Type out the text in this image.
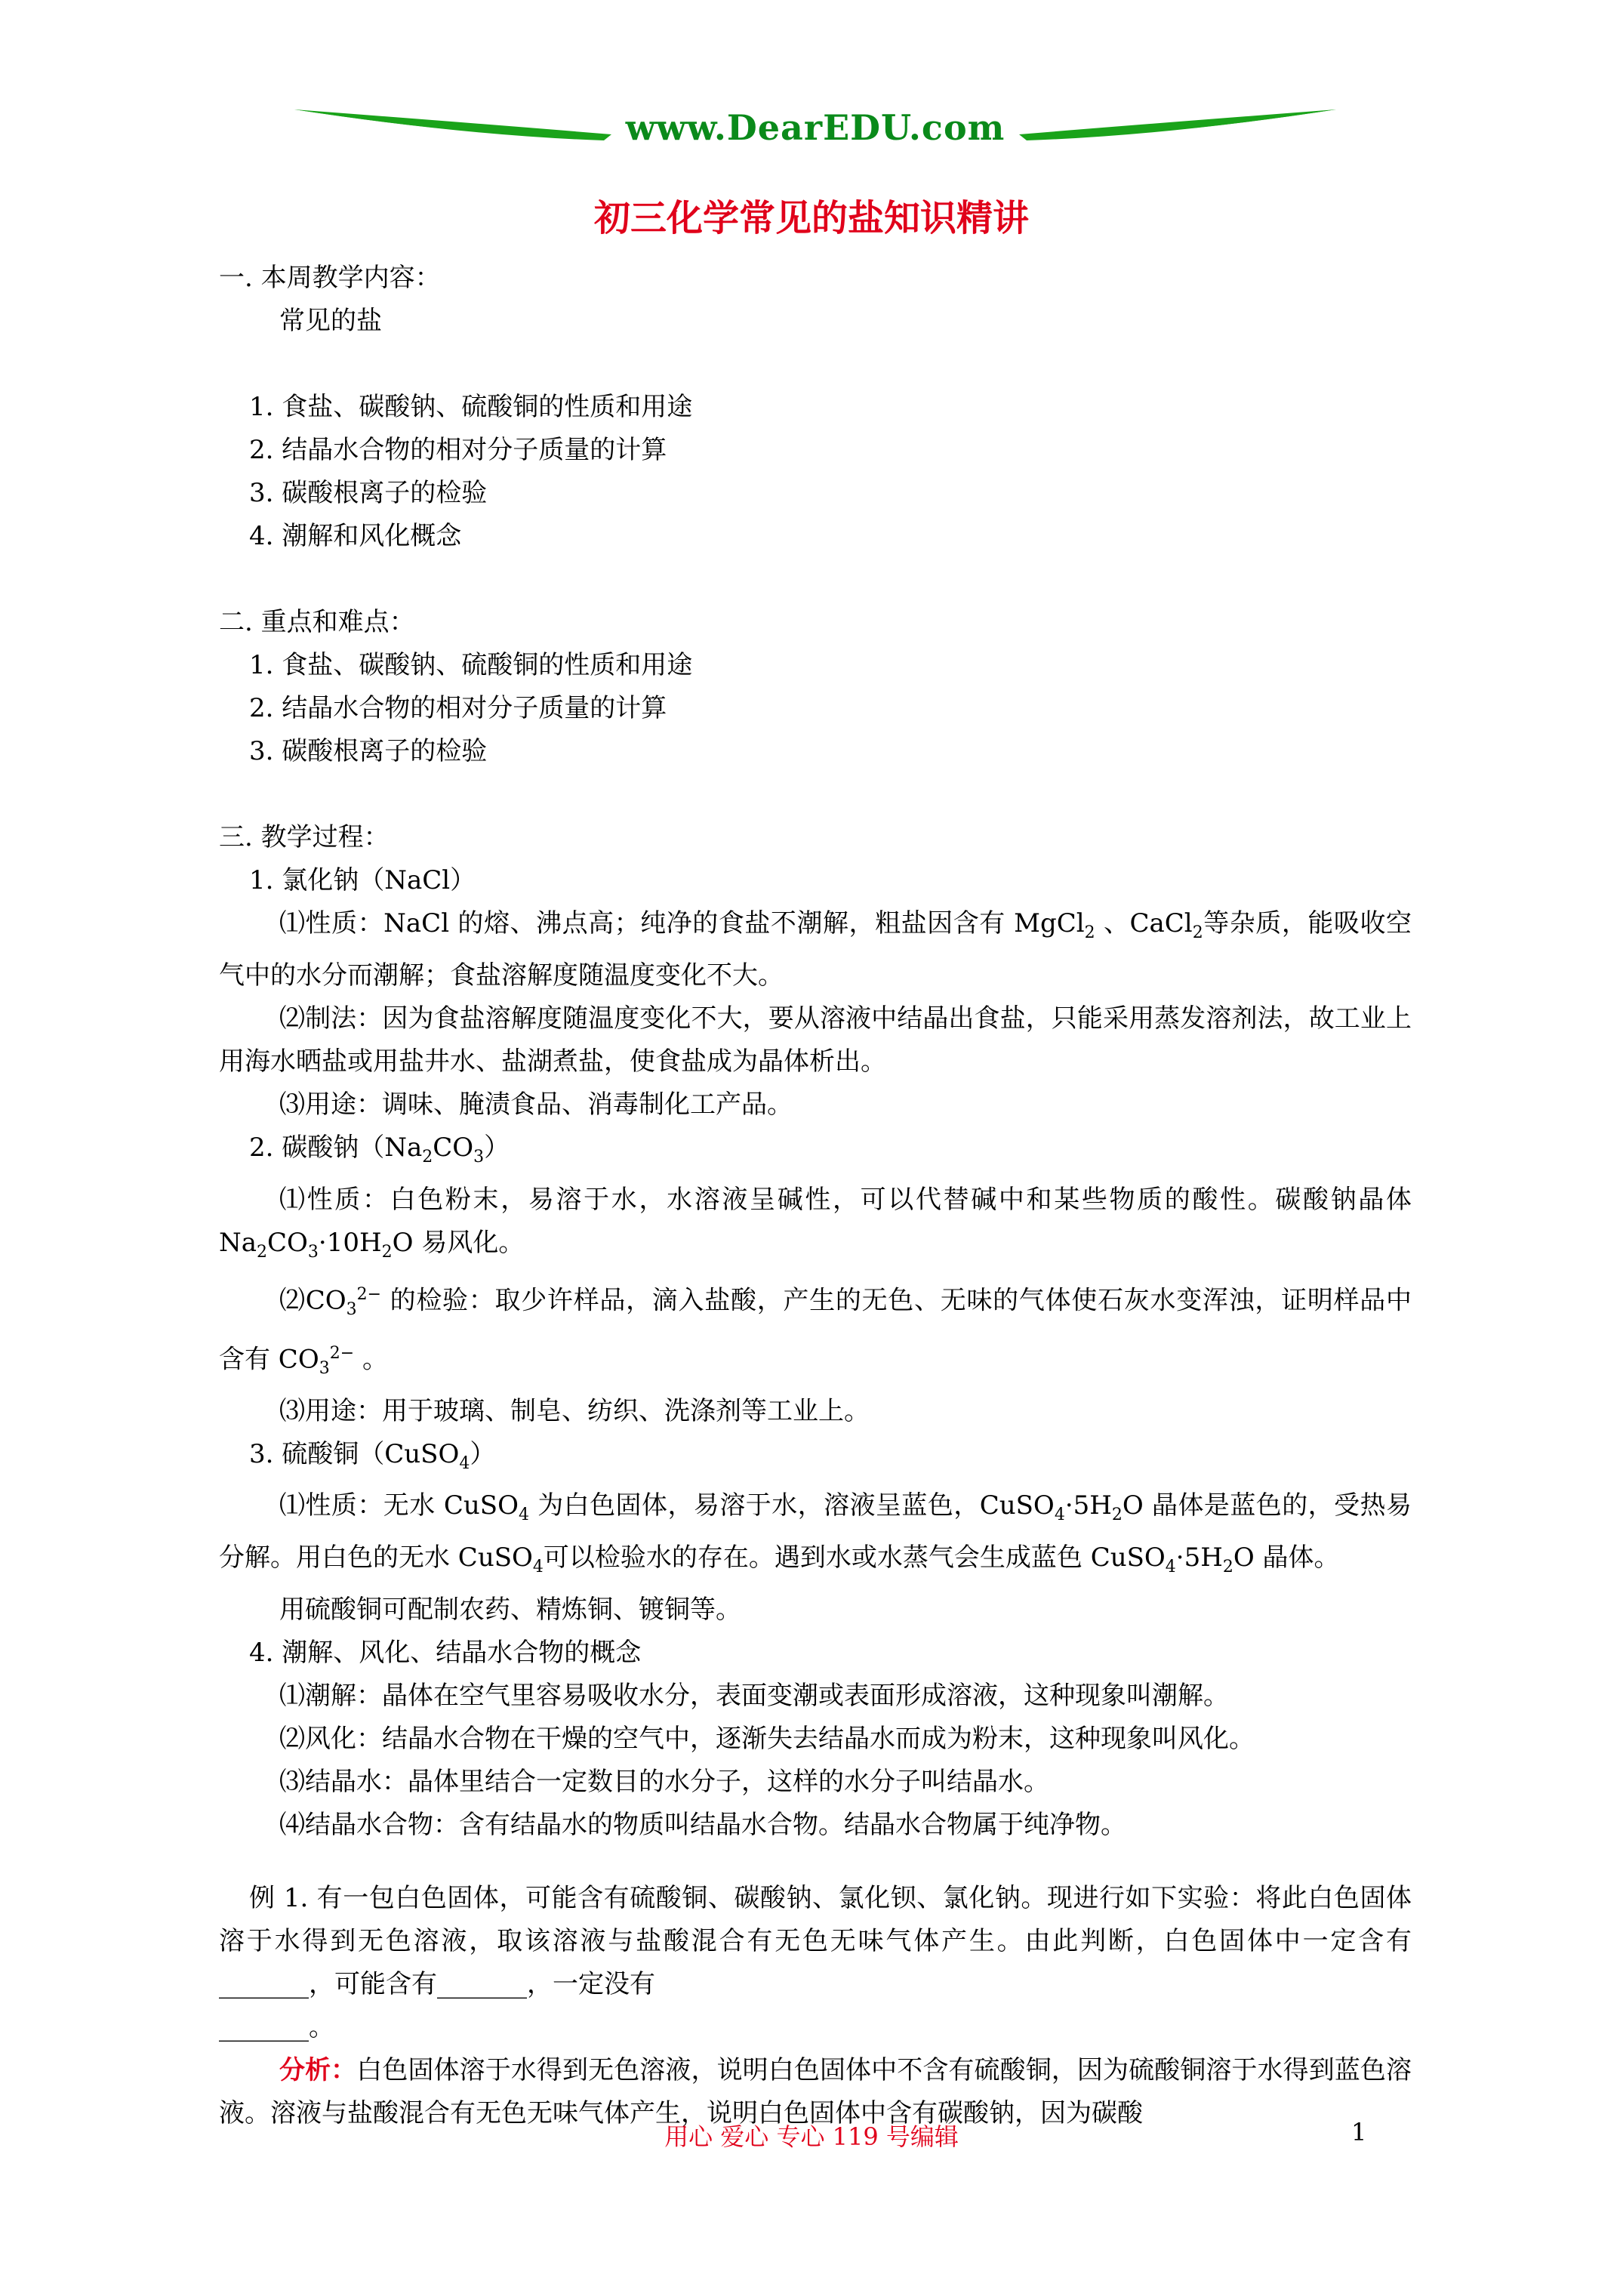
www.DearEDU.com
初三化学常见的盐知识精讲

一. 本周教学内容：

常见的盐

1. 食盐、碳酸钠、硫酸铜的性质和用途

2. 结晶水合物的相对分子质量的计算

3. 碳酸根离子的检验

4. 潮解和风化概念

二. 重点和难点：

1. 食盐、碳酸钠、硫酸铜的性质和用途

2. 结晶水合物的相对分子质量的计算

3. 碳酸根离子的检验

三. 教学过程：

1. 氯化钠（NaCl）

⑴性质：NaCl 的熔、沸点高；纯净的食盐不潮解，粗盐因含有 MgCl$_2$ 、CaCl$_2$等杂质，能吸收空气中的水分而潮解；食盐溶解度随温度变化不大。

⑵制法：因为食盐溶解度随温度变化不大，要从溶液中结晶出食盐，只能采用蒸发溶剂法，故工业上用海水晒盐或用盐井水、盐湖煮盐，使食盐成为晶体析出。

⑶用途：调味、腌渍食品、消毒制化工产品。

2. 碳酸钠$(Na_2CO_3)$

⑴性质：白色粉末，易溶于水，水溶液呈碱性，可以代替碱中和某些物质的酸性。碳酸钠晶体 $Na_2CO_3\cdot 10H_2O$ 易风化。

$⑵CO_3^{2-}$ 的检验：取少许样品，滴入盐酸，产生的无色、无味的气体使石灰水变浑浊，证明样品中含有 $CO_3^{2-}$ 。

⑶用途：用于玻璃、制皂、纺织、洗涤剂等工业上。

3. 硫酸铜（CuSO$_4$）

⑴性质：无水 CuSO$_4$ 为白色固体，易溶于水，溶液呈蓝色，$CuSO_4\cdot 5H_2O$ 晶体是蓝色的，受热易分解。用白色的无水 CuSO$_4$可以检验水的存在。遇到水或水蒸气会生成蓝色 $CuSO_4\cdot 5H_2O$ 晶体。

用硫酸铜可配制农药、精炼铜、镀铜等。

4. 潮解、风化、结晶水合物的概念

⑴潮解：晶体在空气里容易吸收水分，表面变潮或表面形成溶液，这种现象叫潮解。

⑵风化：结晶水合物在干燥的空气中，逐渐失去结晶水而成为粉末，这种现象叫风化。

⑶结晶水：晶体里结合一定数目的水分子，这样的水分子叫结晶水。

⑷结晶水合物：含有结晶水的物质叫结晶水合物。结晶水合物属于纯净物。

例 1. 有一包白色固体，可能含有硫酸铜、碳酸钠、氯化钡、氯化钠。现进行如下实验：将此白色固体溶于水得到无色溶液，取该溶液与盐酸混合有无色无味气体产生。由此判断，白色固体中一定含有_______，可能含有_______，一定没有

_______。

分析：白色固体溶于水得到无色溶液，说明白色固体中不含有硫酸铜，因为硫酸铜溶于水得到蓝色溶液。溶液与盐酸混合有无色无味气体产生，说明白色固体中含有碳酸钠，因为碳酸

用心 爱心 专心 119 号编辑	1
